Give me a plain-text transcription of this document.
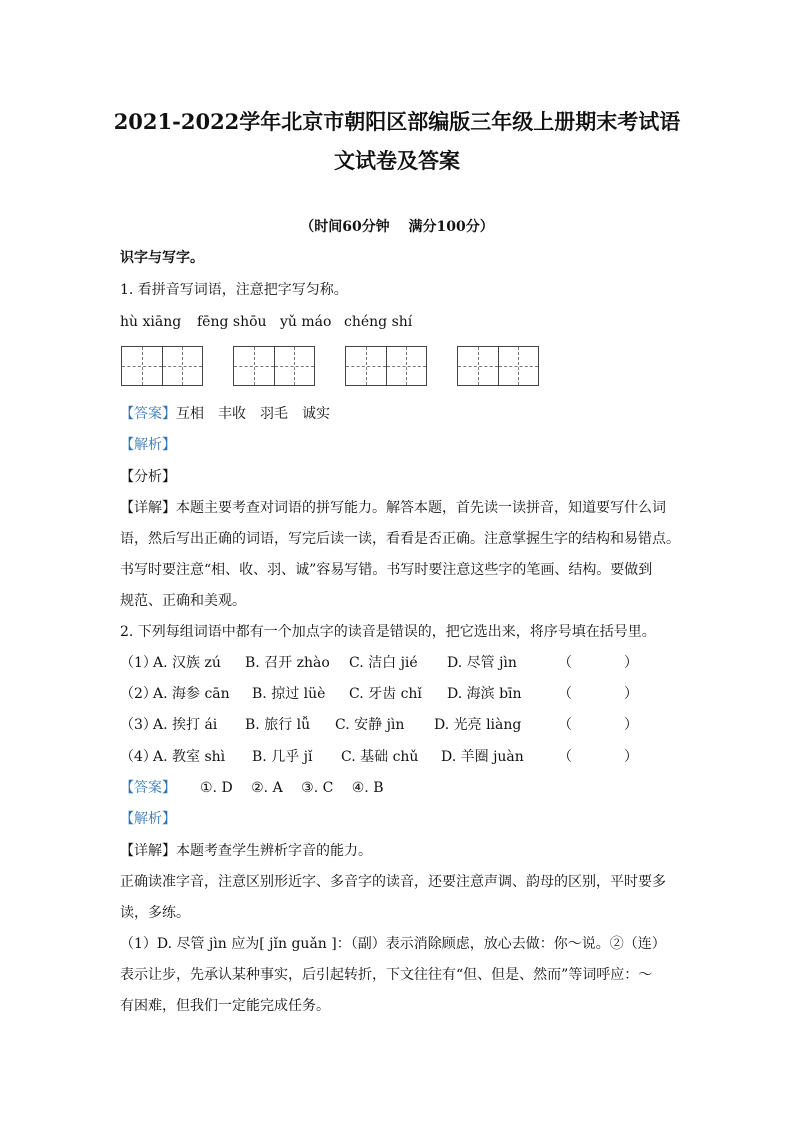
2021-2022学年北京市朝阳区部编版三年级上册期末考试语
文试卷及答案
（时间60分钟　 满分100分）
识字与写字。
1. 看拼音写词语，注意把字写匀称。
hù xiāng fēng shōu yǔ máo chéng shí
【答案】互相　丰收　羽毛　诚实
【解析】
【分析】
【详解】本题主要考查对词语的拼写能力。解答本题，首先读一读拼音，知道要写什么词
语，然后写出正确的词语，写完后读一读，看看是否正确。注意掌握生字的结构和易错点。
书写时要注意“相、收、羽、诚”容易写错。书写时要注意这些字的笔画、结构。要做到
规范、正确和美观。
2. 下列每组词语中都有一个加点字的读音是错误的，把它选出来，将序号填在括号里。
（1）
A. 汉族 zú B. 召开 zhào C. 洁白 jié D. 尽管 jìn	（	）
（2）
A. 海参 cān B. 掠过 lüè C. 牙齿 chǐ D. 海滨 bīn	（	）
（3）
A. 挨打 ái B. 旅行 lǚ C. 安静 jìn D. 光亮 liàng	（	）
（4）
A. 教室 shì B. 几乎 jǐ C. 基础 chǔ D. 羊圈 juàn （	）
【答案】 ①. D　 ②. A　 ③. C　 ④. B
【解析】
【详解】本题考查学生辨析字音的能力。
正确读准字音，注意区别形近字、多音字的读音，还要注意声调、韵母的区别，平时要多
读，多练。
（1）D. 尽管 jìn 应为[ jǐn guǎn ]：（副）表示消除顾虑，放心去做：你～说。②（连）
表示让步，先承认某种事实，后引起转折，下文往往有“但、但是、然而”等词呼应：～
有困难，但我们一定能完成任务。
